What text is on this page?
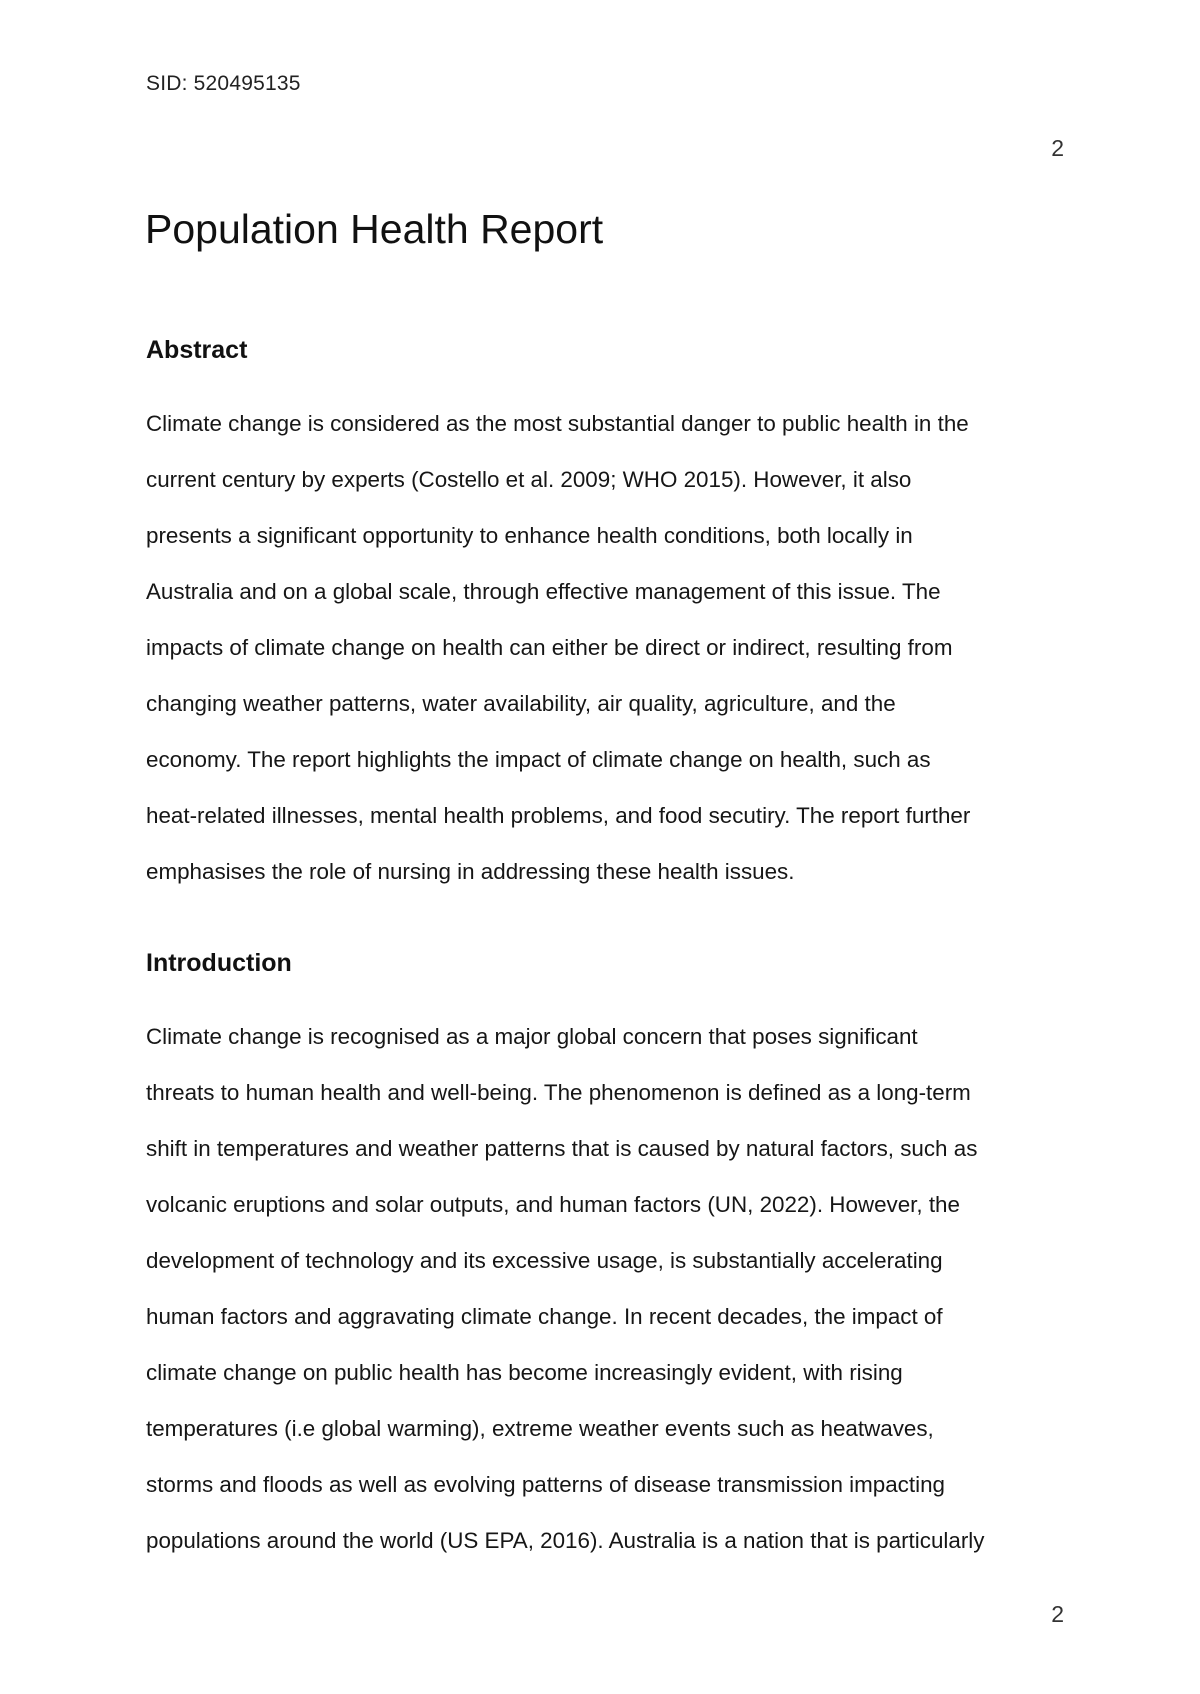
SID: 520495135
2
Population Health Report
Abstract
Climate change is considered as the most substantial danger to public health in the
current century by experts (Costello et al. 2009; WHO 2015). However, it also
presents a significant opportunity to enhance health conditions, both locally in
Australia and on a global scale, through effective management of this issue. The
impacts of climate change on health can either be direct or indirect, resulting from
changing weather patterns, water availability, air quality, agriculture, and the
economy. The report highlights the impact of climate change on health, such as
heat-related illnesses, mental health problems, and food secutiry. The report further
emphasises the role of nursing in addressing these health issues.
Introduction
Climate change is recognised as a major global concern that poses significant
threats to human health and well-being. The phenomenon is defined as a long-term
shift in temperatures and weather patterns that is caused by natural factors, such as
volcanic eruptions and solar outputs, and human factors (UN, 2022). However, the
development of technology and its excessive usage, is substantially accelerating
human factors and aggravating climate change. In recent decades, the impact of
climate change on public health has become increasingly evident, with rising
temperatures (i.e global warming), extreme weather events such as heatwaves,
storms and floods as well as evolving patterns of disease transmission impacting
populations around the world (US EPA, 2016). Australia is a nation that is particularly
2
